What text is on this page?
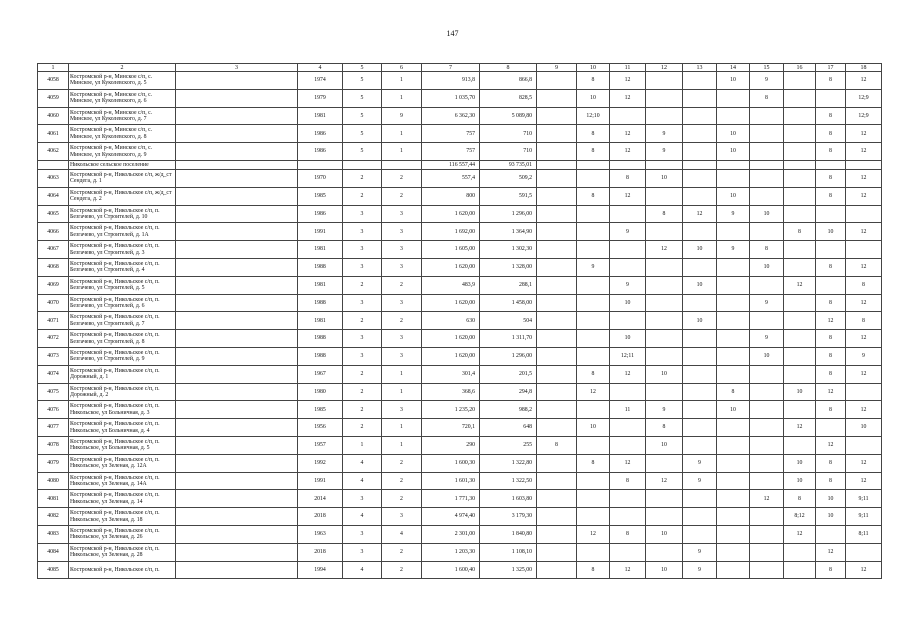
147
1	2	3	4	5	6	7	8	9	10	11	12	13	14	15	16	17	18
4058	Костромской р-н, Минское с/п, с. Минское, ул Куколевского, д. 5		1974	5	1	913,8	866,8		8	12			10	9		8	12
4059	Костромской р-н, Минское с/п, с. Минское, ул Куколевского, д. 6		1979	5	1	1 035,70	828,5		10	12				8			12;9
4060	Костромской р-н, Минское с/п, с. Минское, ул Куколевского, д. 7		1981	5	9	6 362,30	5 089,80		12;10							8	12;9
4061	Костромской р-н, Минское с/п, с. Минское, ул Куколевского, д. 8		1986	5	1	757	710		8	12	9		10			8	12
4062	Костромской р-н, Минское с/п, с. Минское, ул Куколевского, д. 9		1986	5	1	757	710		8	12	9		10			8	12
	Никольское сельское поселение					116 557,44	93 735,01										
4063	Костромской р-н, Никольское с/п, ж/д_ст Сендега, д. 1		1970	2	2	557,4	509,2			8	10					8	12
4064	Костромской р-н, Никольское с/п, ж/д_ст Сендега, д. 2		1985	2	2	800	591,5		8	12			10			8	12
4065	Костромской р-н, Никольское с/п, п. Безгачево, ул Строителей, д. 10		1986	3	3	1 620,00	1 296,00				8	12	9	10			
4066	Костромской р-н, Никольское с/п, п. Безгачево, ул Строителей, д. 1А		1991	3	3	1 692,00	1 364,90			9					8	10	12
4067	Костромской р-н, Никольское с/п, п. Безгачево, ул Строителей, д. 3		1981	3	3	1 605,00	1 302,30				12	10	9	8			
4068	Костромской р-н, Никольское с/п, п. Безгачево, ул Строителей, д. 4		1988	3	3	1 620,00	1 328,00		9					10		8	12
4069	Костромской р-н, Никольское с/п, п. Безгачево, ул Строителей, д. 5		1981	2	2	483,9	288,1			9		10			12		8
4070	Костромской р-н, Никольское с/п, п. Безгачево, ул Строителей, д. 6		1988	3	3	1 620,00	1 458,00			10				9		8	12
4071	Костромской р-н, Никольское с/п, п. Безгачево, ул Строителей, д. 7		1981	2	2	630	504					10				12	8
4072	Костромской р-н, Никольское с/п, п. Безгачево, ул Строителей, д. 8		1988	3	3	1 620,00	1 311,70			10				9		8	12
4073	Костромской р-н, Никольское с/п, п. Безгачево, ул Строителей, д. 9		1988	3	3	1 620,00	1 296,00			12;11				10		8	9
4074	Костромской р-н, Никольское с/п, п. Дорожный, д. 1		1967	2	1	301,4	201,5		8	12	10					8	12
4075	Костромской р-н, Никольское с/п, п. Дорожный, д. 2		1980	2	1	368,6	294,8		12				8		10	12	
4076	Костромской р-н, Никольское с/п, п. Никольское, ул Больничная, д. 3		1985	2	3	1 235,20	988,2			11	9		10			8	12
4077	Костромской р-н, Никольское с/п, п. Никольское, ул Больничная, д. 4		1956	2	1	720,1	648		10		8				12		10
4078	Костромской р-н, Никольское с/п, п. Никольское, ул Больничная, д. 5		1957	1	1	290	255	8			10					12	
4079	Костромской р-н, Никольское с/п, п. Никольское, ул Зеленая, д. 12А		1992	4	2	1 600,30	1 322,80		8	12		9			10	8	12
4080	Костромской р-н, Никольское с/п, п. Никольское, ул Зеленая, д. 14А		1991	4	2	1 601,30	1 322,50			8	12	9			10	8	12
4081	Костромской р-н, Никольское с/п, п. Никольское, ул Зеленая, д. 14		2014	3	2	1 771,30	1 603,80							12	8	10	9;11
4082	Костромской р-н, Никольское с/п, п. Никольское, ул Зеленая, д. 18		2018	4	3	4 974,40	3 179,30								8;12	10	9;11
4083	Костромской р-н, Никольское с/п, п. Никольское, ул Зеленая, д. 26		1963	3	4	2 301,00	1 840,80		12	8	10				12		8;11
4084	Костромской р-н, Никольское с/п, п. Никольское, ул Зеленая, д. 28		2018	3	2	1 203,30	1 108,10					9				12	
4085	Костромской р-н, Никольское с/п, п.		1994	4	2	1 600,40	1 325,00		8	12	10	9				8	12
